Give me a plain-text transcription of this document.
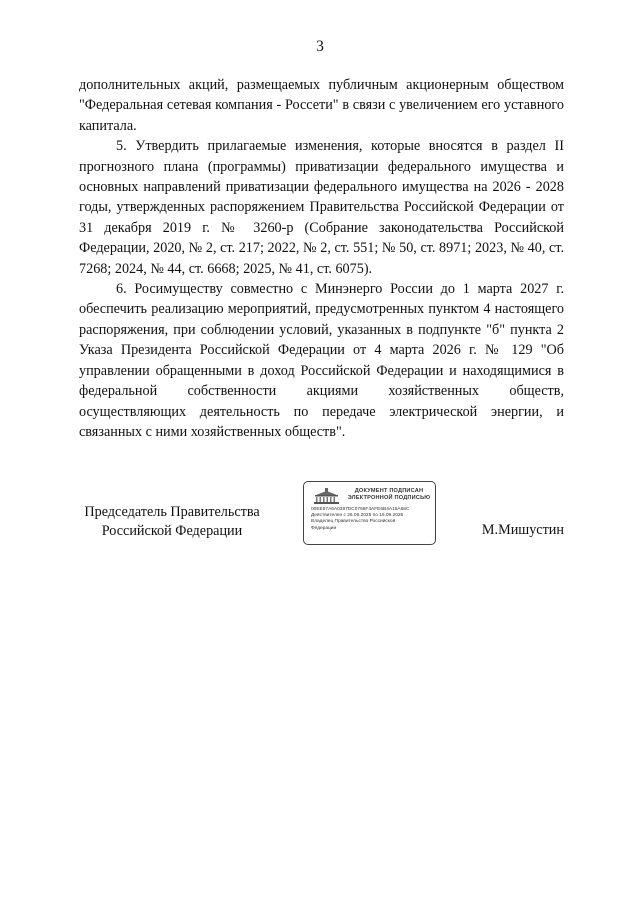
3

дополнительных акций, размещаемых публичным акционерным обществом "Федеральная сетевая компания - Россети" в связи с увеличением его уставного капитала.

5. Утвердить прилагаемые изменения, которые вносятся в раздел II прогнозного плана (программы) приватизации федерального имущества и основных направлений приватизации федерального имущества на 2026 - 2028 годы, утвержденных распоряжением Правительства Российской Федерации от 31 декабря 2019 г. № 3260-р (Собрание законодательства Российской Федерации, 2020, № 2, ст. 217; 2022, № 2, ст. 551; № 50, ст. 8971; 2023, № 40, ст. 7268; 2024, № 44, ст. 6668; 2025, № 41, ст. 6075).

6. Росимуществу совместно с Минэнерго России до 1 марта 2027 г. обеспечить реализацию мероприятий, предусмотренных пунктом 4 настоящего распоряжения, при соблюдении условий, указанных в подпункте "б" пункта 2 Указа Президента Российской Федерации от 4 марта 2026 г. № 129 "Об управлении обращенными в доход Российской Федерации и находящимися в федеральной собственности акциями хозяйственных обществ, осуществляющих деятельность по передаче электрической энергии, и связанных с ними хозяйственных обществ".

Председатель Правительства
Российской Федерации
ДОКУМЕНТ ПОДПИСАН
ЭЛЕКТРОННОЙ ПОДПИСЬЮ
00EE57A6A0397DC0766F4AFE6B4A15A68C
Действителен с 26.06.2025 по 19.09.2026
Владелец Правительство Российской
Федерации	М.Мишустин
